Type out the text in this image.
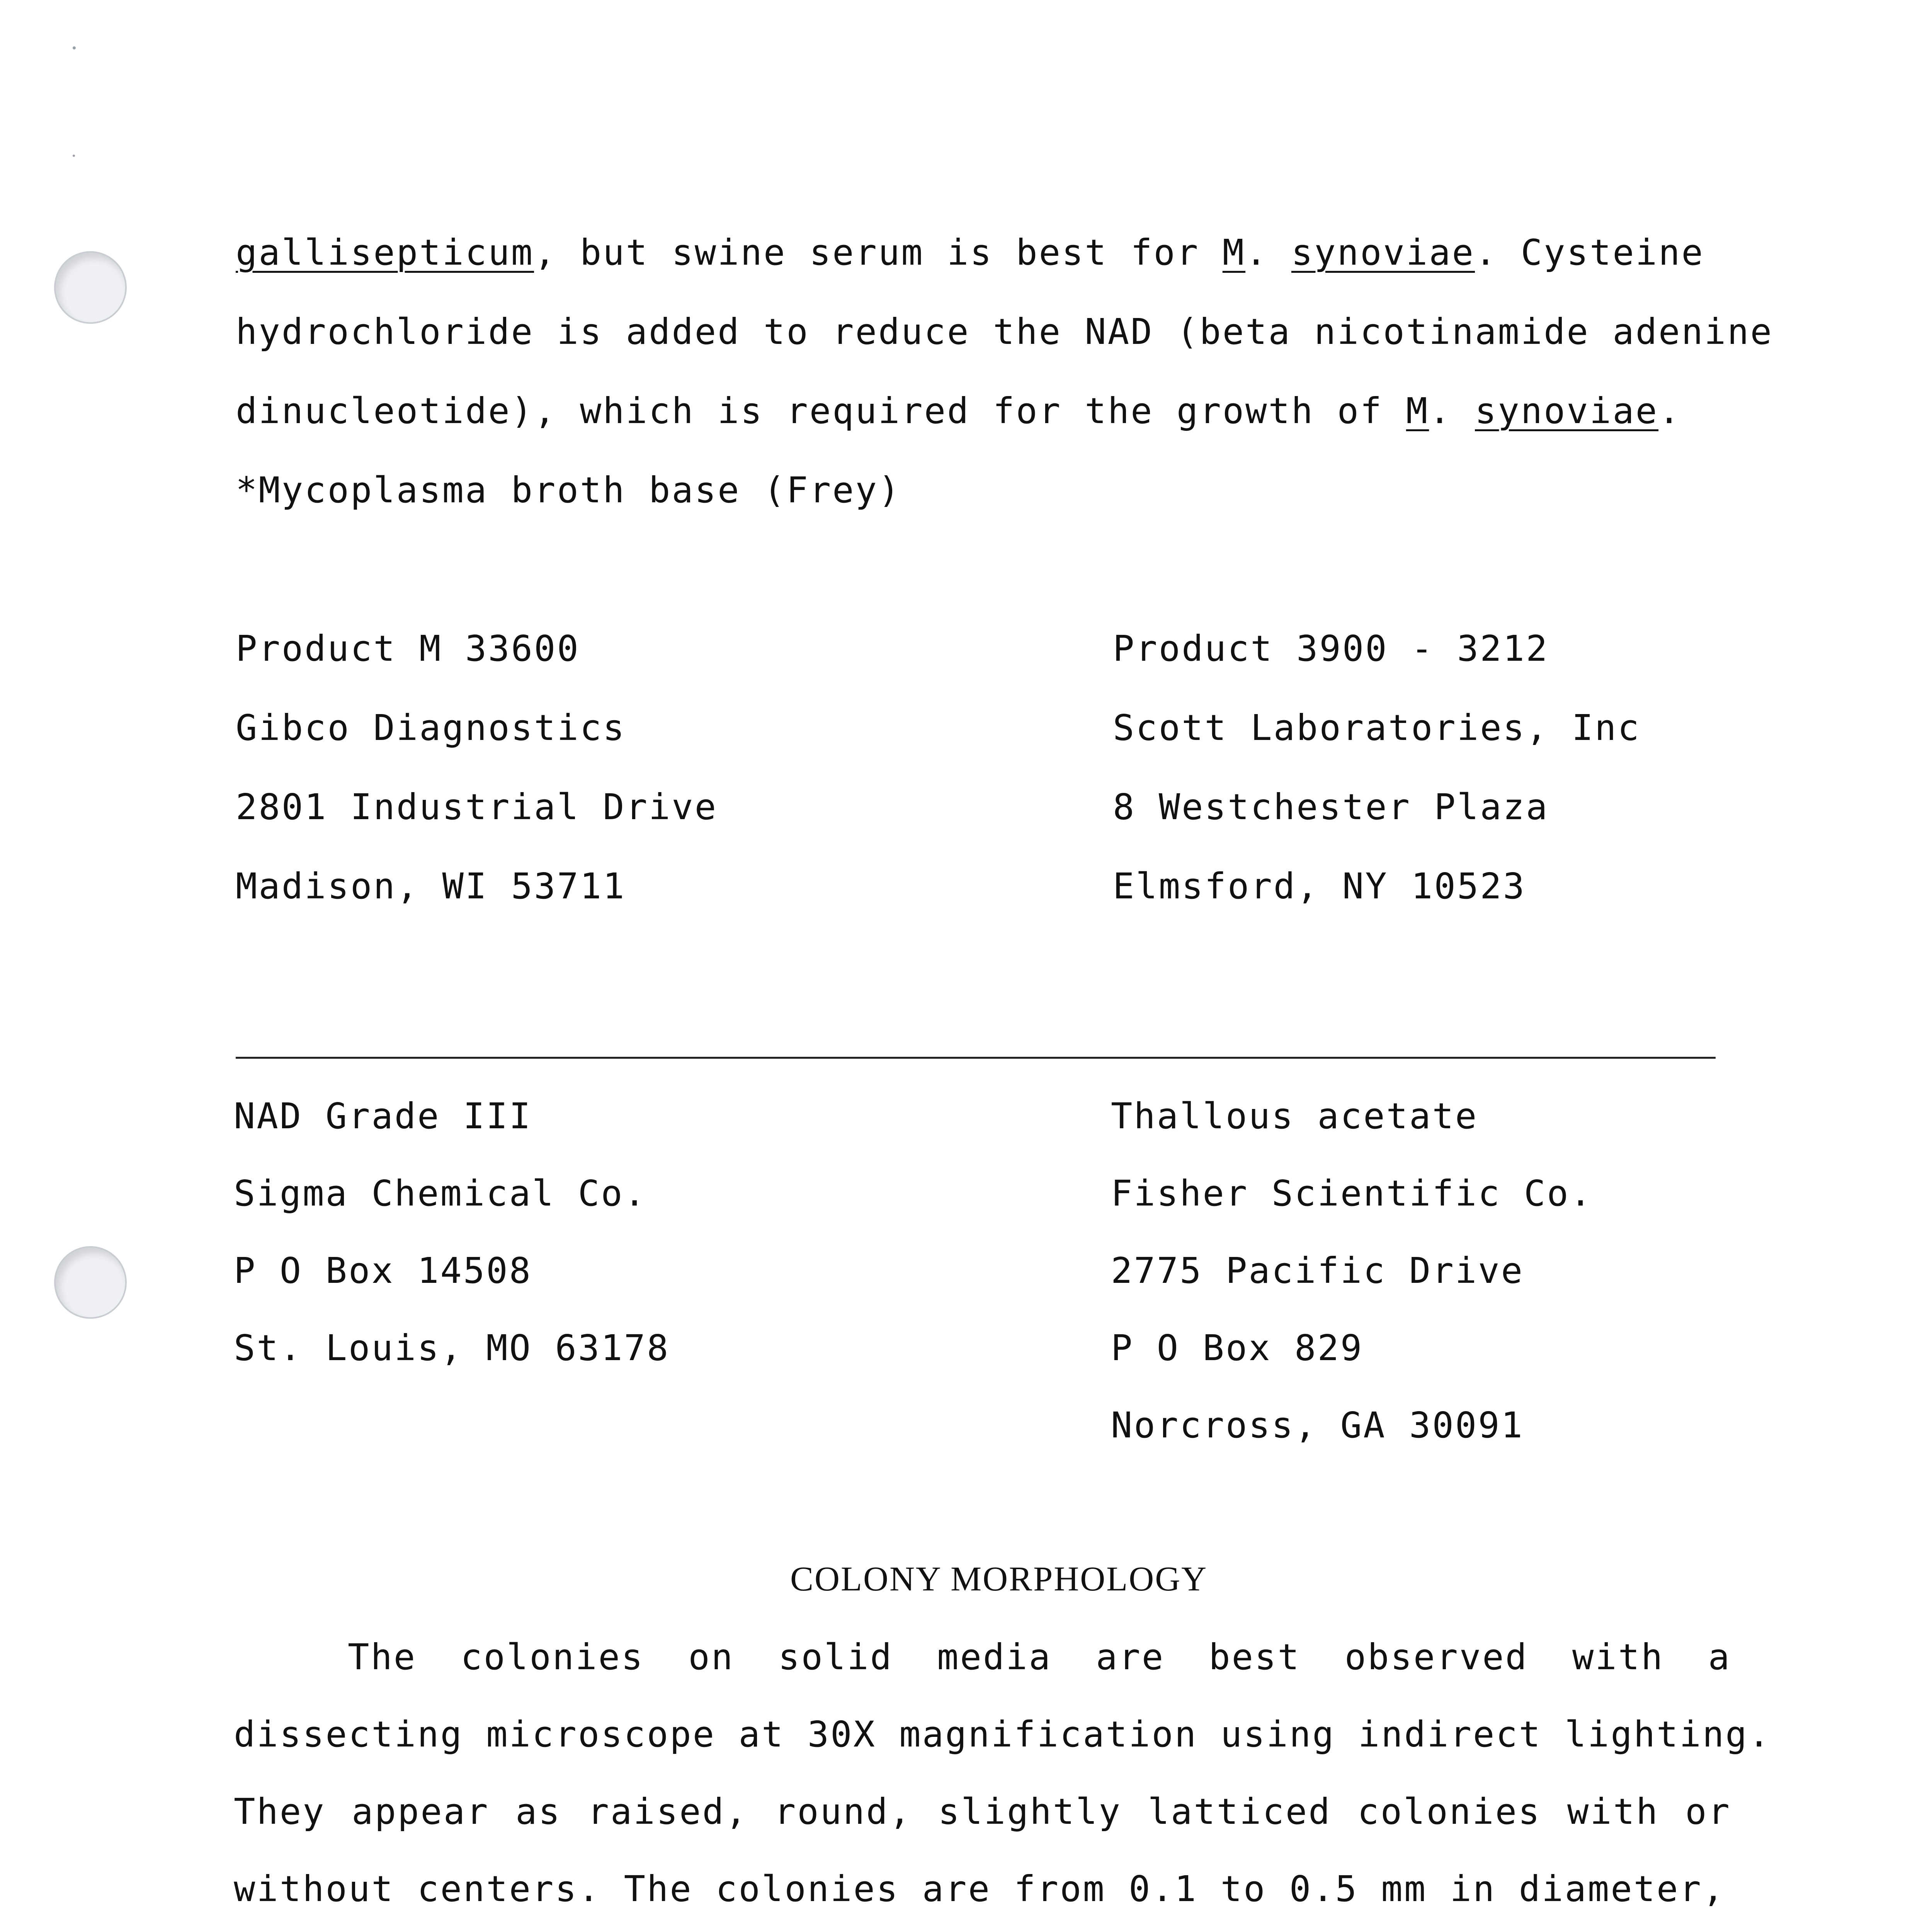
gallisepticum, but swine serum is best for M. synoviae. Cysteine
hydrochloride is added to reduce the NAD (beta nicotinamide adenine
dinucleotide), which is required for the growth of M. synoviae.
*Mycoplasma broth base (Frey)
Product M 33600
Gibco Diagnostics
2801 Industrial Drive
Madison, WI 53711
Product 3900 - 3212
Scott Laboratories, Inc
8 Westchester Plaza
Elmsford, NY 10523
NAD Grade III
Sigma Chemical Co.
P O Box 14508
St. Louis, MO 63178
Thallous acetate
Fisher Scientific Co.
2775 Pacific Drive
P O Box 829
Norcross, GA 30091
COLONY MORPHOLOGY
The colonies on solid media are best observed with a
dissecting microscope at 30X magnification using indirect lighting.
They appear as raised, round, slightly latticed colonies with or
without centers. The colonies are from 0.1 to 0.5 mm in diameter,
